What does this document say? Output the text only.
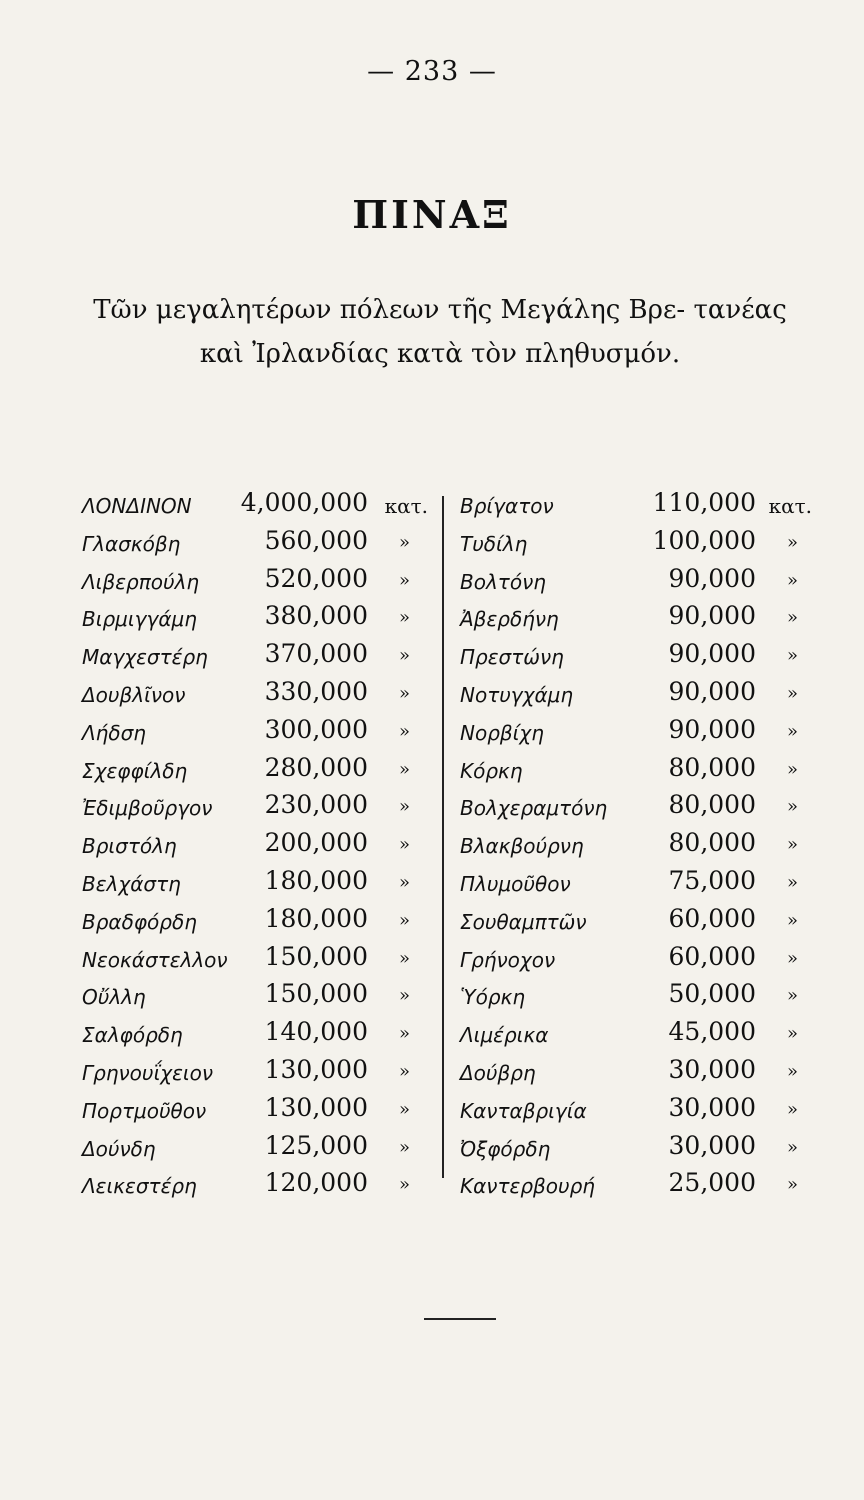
— 233 —
ΠΙΝΑΞ
Τῶν μεγαλητέρων πόλεων τῆς Μεγάλης Βρε- τανέας καὶ Ἰρλανδίας κατὰ τὸν πληθυσμόν.
ΛΟΝΔΙΝΟΝ 4,000,000 κατ.
Γλασκόβη	560,000 »
Λιβερπούλη	520,000 »
Βιρμιγγάμη	380,000 »
Μαγχεστέρη 370,000 »
Δουβλῖνον	330,000 »
Λήδση	300,000 »
Σχεφφίλδη	280,000 »
Ἐδιμβοῦργον 230,000 »
Βριστόλη	200,000 »
Βελχάστη	180,000 »
Βραδφόρδη	180,000 »
Νεοκάστελλον 150,000 »
Οὔλλη	150,000 »
Σαλφόρδη	140,000 »
Γρηνουΐχειον 130,000 »
Πορτμοῦθον 130,000 »
Δούνδη	125,000 »
Λεικεστέρη	120,000 »
Βρίγατον	110,000 κατ.
Τυδίλη	100,000 »
Βολτόνη	90,000 »
Ἀβερδήνη	90,000 »
Πρεστώνη	90,000 »
Νοτυγχάμη	90,000 »
Νορβίχη	90,000 »
Κόρκη	80,000 »
Βολχεραμτόνη 80,000 »
Βλακβούρνη	80,000 »
Πλυμοῦθον	75,000 »
Σουθαμπτῶν	60,000 »
Γρήνοχον	60,000 »
Ὑόρκη	50,000 »
Λιμέρικα	45,000 »
Δούβρη	30,000 »
Κανταβριγία	30,000 »
Ὀξφόρδη	30,000 »
Καντερβουρή	25,000 »
